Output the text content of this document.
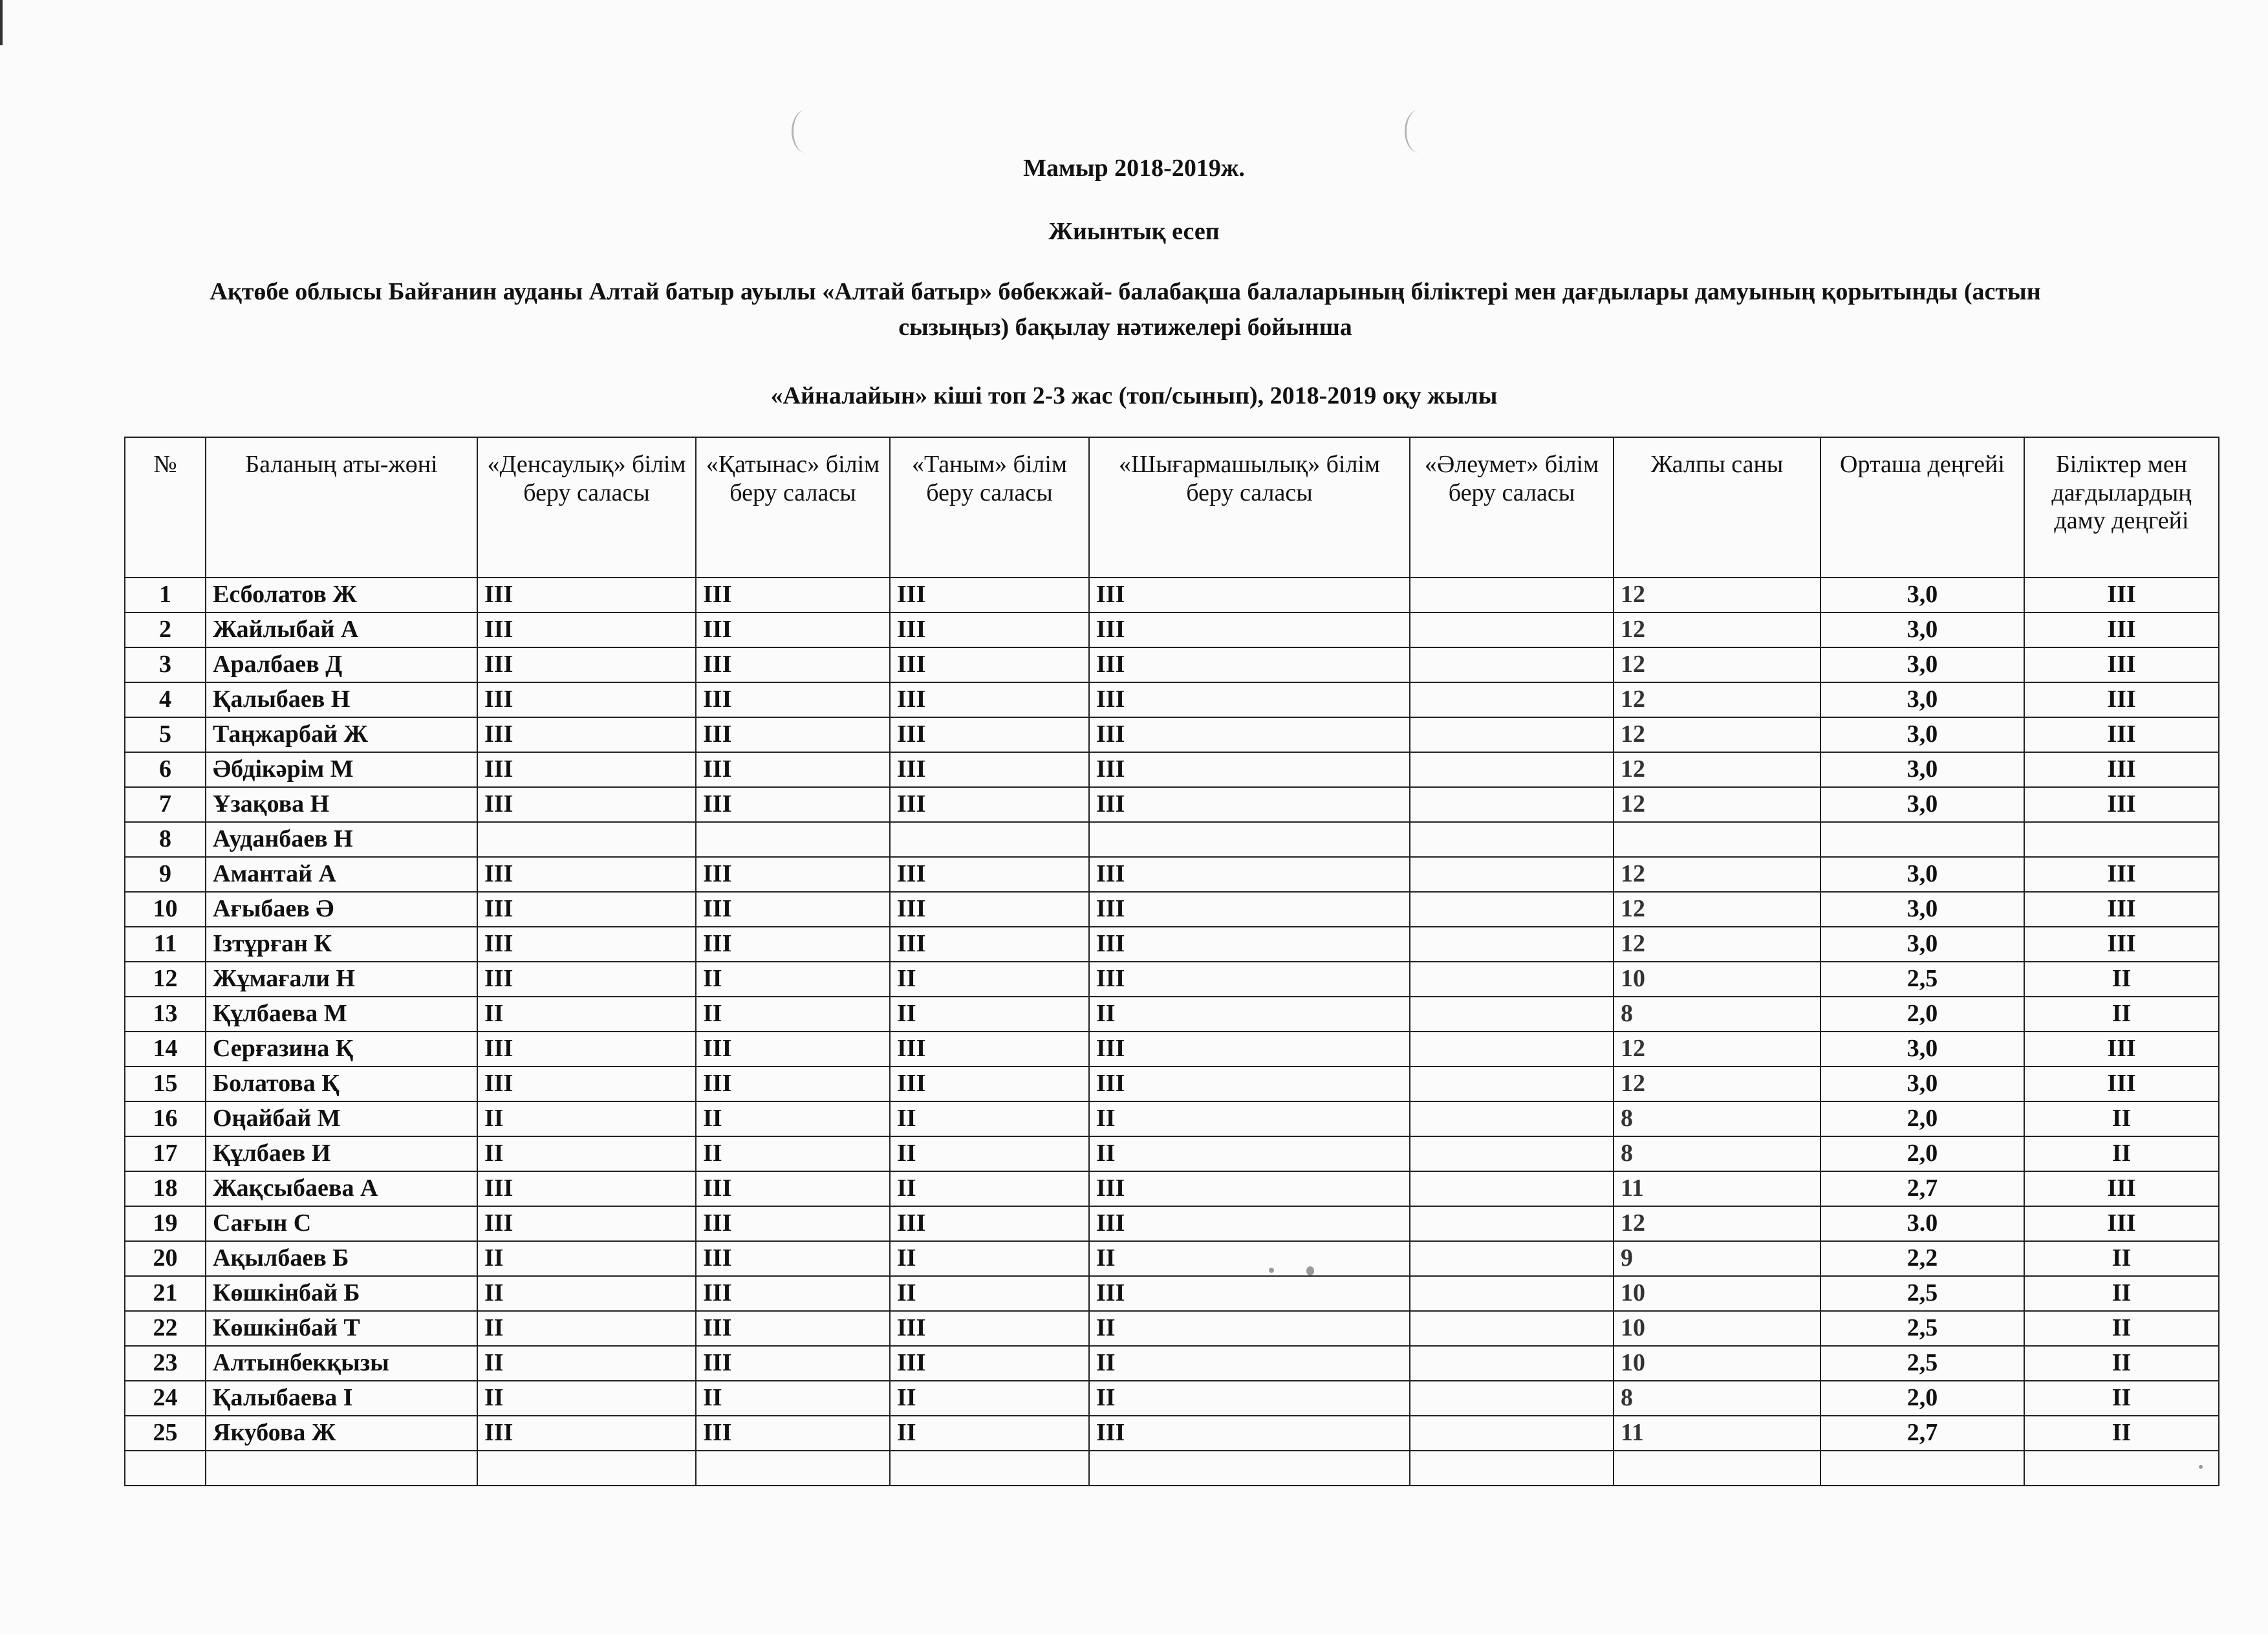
Мамыр 2018-2019ж.
Жиынтық есеп
Ақтөбе облысы Байғанин ауданы Алтай батыр ауылы «Алтай батыр» бөбекжай- балабақша балаларының біліктері мен дағдылары дамуының қорытынды (астын сызыңыз) бақылау нәтижелері бойынша
«Айналайын» кіші топ 2-3 жас (топ/сынып), 2018-2019 оқу жылы
№	Баланың аты-жөні	«Денсаулық» білім беру саласы	«Қатынас» білім беру саласы	«Таным» білім беру саласы	«Шығармашылық» білім беру саласы	«Әлеумет» білім беру саласы	Жалпы саны	Орташа деңгейі	Біліктер мен дағдылардың даму деңгейі
1	Есболатов Ж	III	III	III	III		12	3,0	III
2	Жайлыбай А	III	III	III	III		12	3,0	III
3	Аралбаев Д	III	III	III	III		12	3,0	III
4	Қалыбаев Н	III	III	III	III		12	3,0	III
5	Таңжарбай Ж	III	III	III	III		12	3,0	III
6	Әбдікәрім М	III	III	III	III		12	3,0	III
7	Ұзақова Н	III	III	III	III		12	3,0	III
8	Ауданбаев Н								
9	Амантай А	III	III	III	III		12	3,0	III
10	Ағыбаев Ә	III	III	III	III		12	3,0	III
11	Ізтұрған К	III	III	III	III		12	3,0	III
12	Жұмағали Н	III	II	II	III		10	2,5	II
13	Құлбаева М	II	II	II	II		8	2,0	II
14	Серғазина Қ	III	III	III	III		12	3,0	III
15	Болатова Қ	III	III	III	III		12	3,0	III
16	Оңайбай М	II	II	II	II		8	2,0	II
17	Құлбаев И	II	II	II	II		8	2,0	II
18	Жақсыбаева А	III	III	II	III		11	2,7	III
19	Сағын С	III	III	III	III		12	3.0	III
20	Ақылбаев Б	II	III	II	II		9	2,2	II
21	Көшкінбай Б	II	III	II	III		10	2,5	II
22	Көшкінбай Т	II	III	III	II		10	2,5	II
23	Алтынбекқызы	II	III	III	II		10	2,5	II
24	Қалыбаева І	II	II	II	II		8	2,0	II
25	Якубова Ж	III	III	II	III		11	2,7	II
